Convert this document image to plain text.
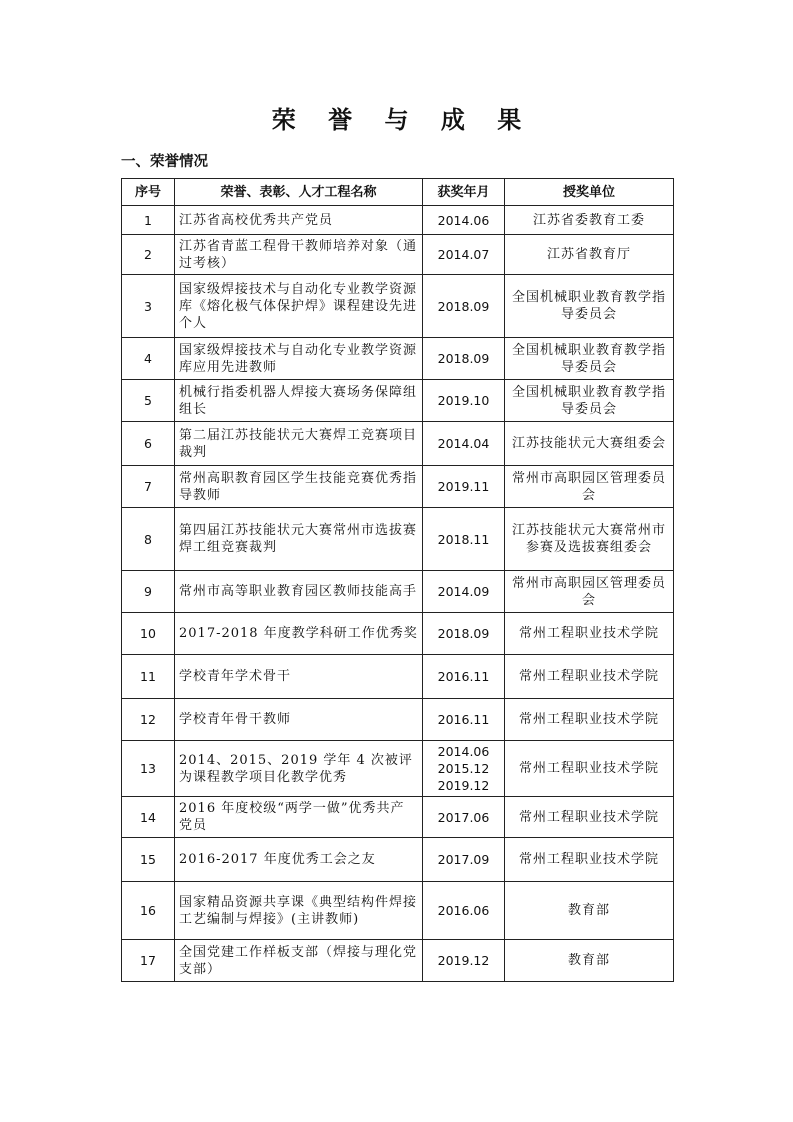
荣 誉 与 成 果
一、荣誉情况
序号	荣誉、表彰、人才工程名称	获奖年月	授奖单位
1	江苏省高校优秀共产党员	2014.06	江苏省委教育工委
2	江苏省青蓝工程骨干教师培养对象（通过考核）	2014.07	江苏省教育厅
3	国家级焊接技术与自动化专业教学资源库《熔化极气体保护焊》课程建设先进个人	2018.09	全国机械职业教育教学指导委员会
4	国家级焊接技术与自动化专业教学资源库应用先进教师	2018.09	全国机械职业教育教学指导委员会
5	机械行指委机器人焊接大赛场务保障组组长	2019.10	全国机械职业教育教学指导委员会
6	第二届江苏技能状元大赛焊工竞赛项目裁判	2014.04	江苏技能状元大赛组委会
7	常州高职教育园区学生技能竞赛优秀指导教师	2019.11	常州市高职园区管理委员会
8	第四届江苏技能状元大赛常州市选拔赛焊工组竞赛裁判	2018.11	江苏技能状元大赛常州市参赛及选拔赛组委会
9	常州市高等职业教育园区教师技能高手	2014.09	常州市高职园区管理委员会
10	2017-2018 年度教学科研工作优秀奖	2018.09	常州工程职业技术学院
11	学校青年学术骨干	2016.11	常州工程职业技术学院
12	学校青年骨干教师	2016.11	常州工程职业技术学院
13	2014、2015、2019 学年 4 次被评为课程教学项目化教学优秀	2014.06
2015.12
2019.12	常州工程职业技术学院
14	2016 年度校级“两学一做”优秀共产党员	2017.06	常州工程职业技术学院
15	2016-2017 年度优秀工会之友	2017.09	常州工程职业技术学院
16	国家精品资源共享课《典型结构件焊接工艺编制与焊接》(主讲教师)	2016.06	教育部
17	全国党建工作样板支部（焊接与理化党支部）	2019.12	教育部
